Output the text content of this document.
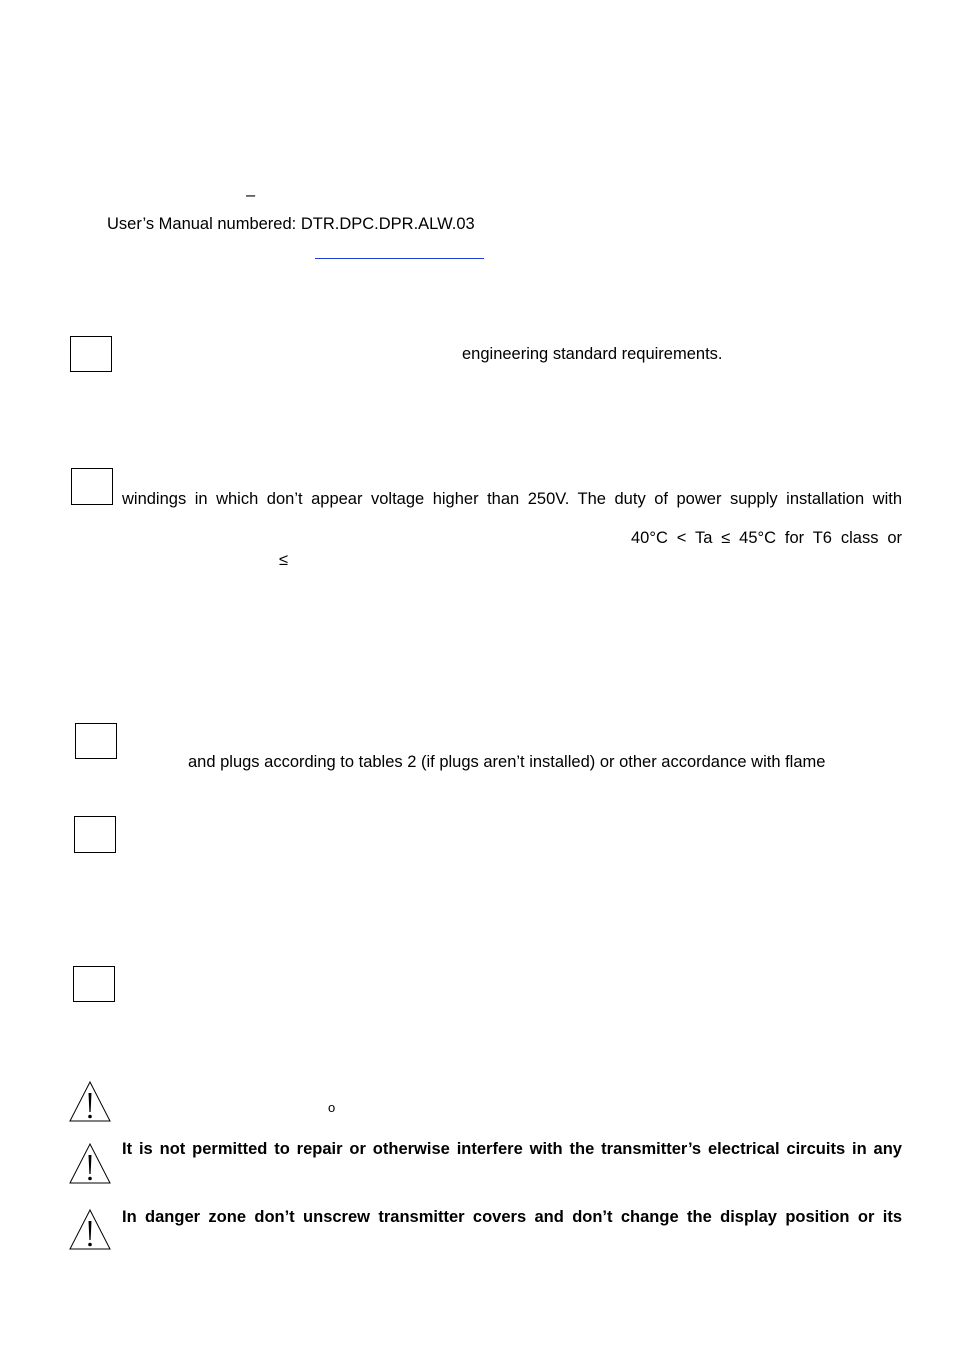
–
User’s Manual numbered: DTR.DPC.DPR.ALW.03
engineering standard requirements.
windings in which don’t appear voltage higher than 250V. The duty of power supply installation with
40°C < Ta ≤ 45°C for T6 class or
≤
and plugs according to tables 2 (if plugs aren’t installed) or other accordance with flame
o
It is not permitted to repair or otherwise interfere with the transmitter’s electrical circuits in any
In danger zone don’t unscrew transmitter covers and don’t change the display position or its
